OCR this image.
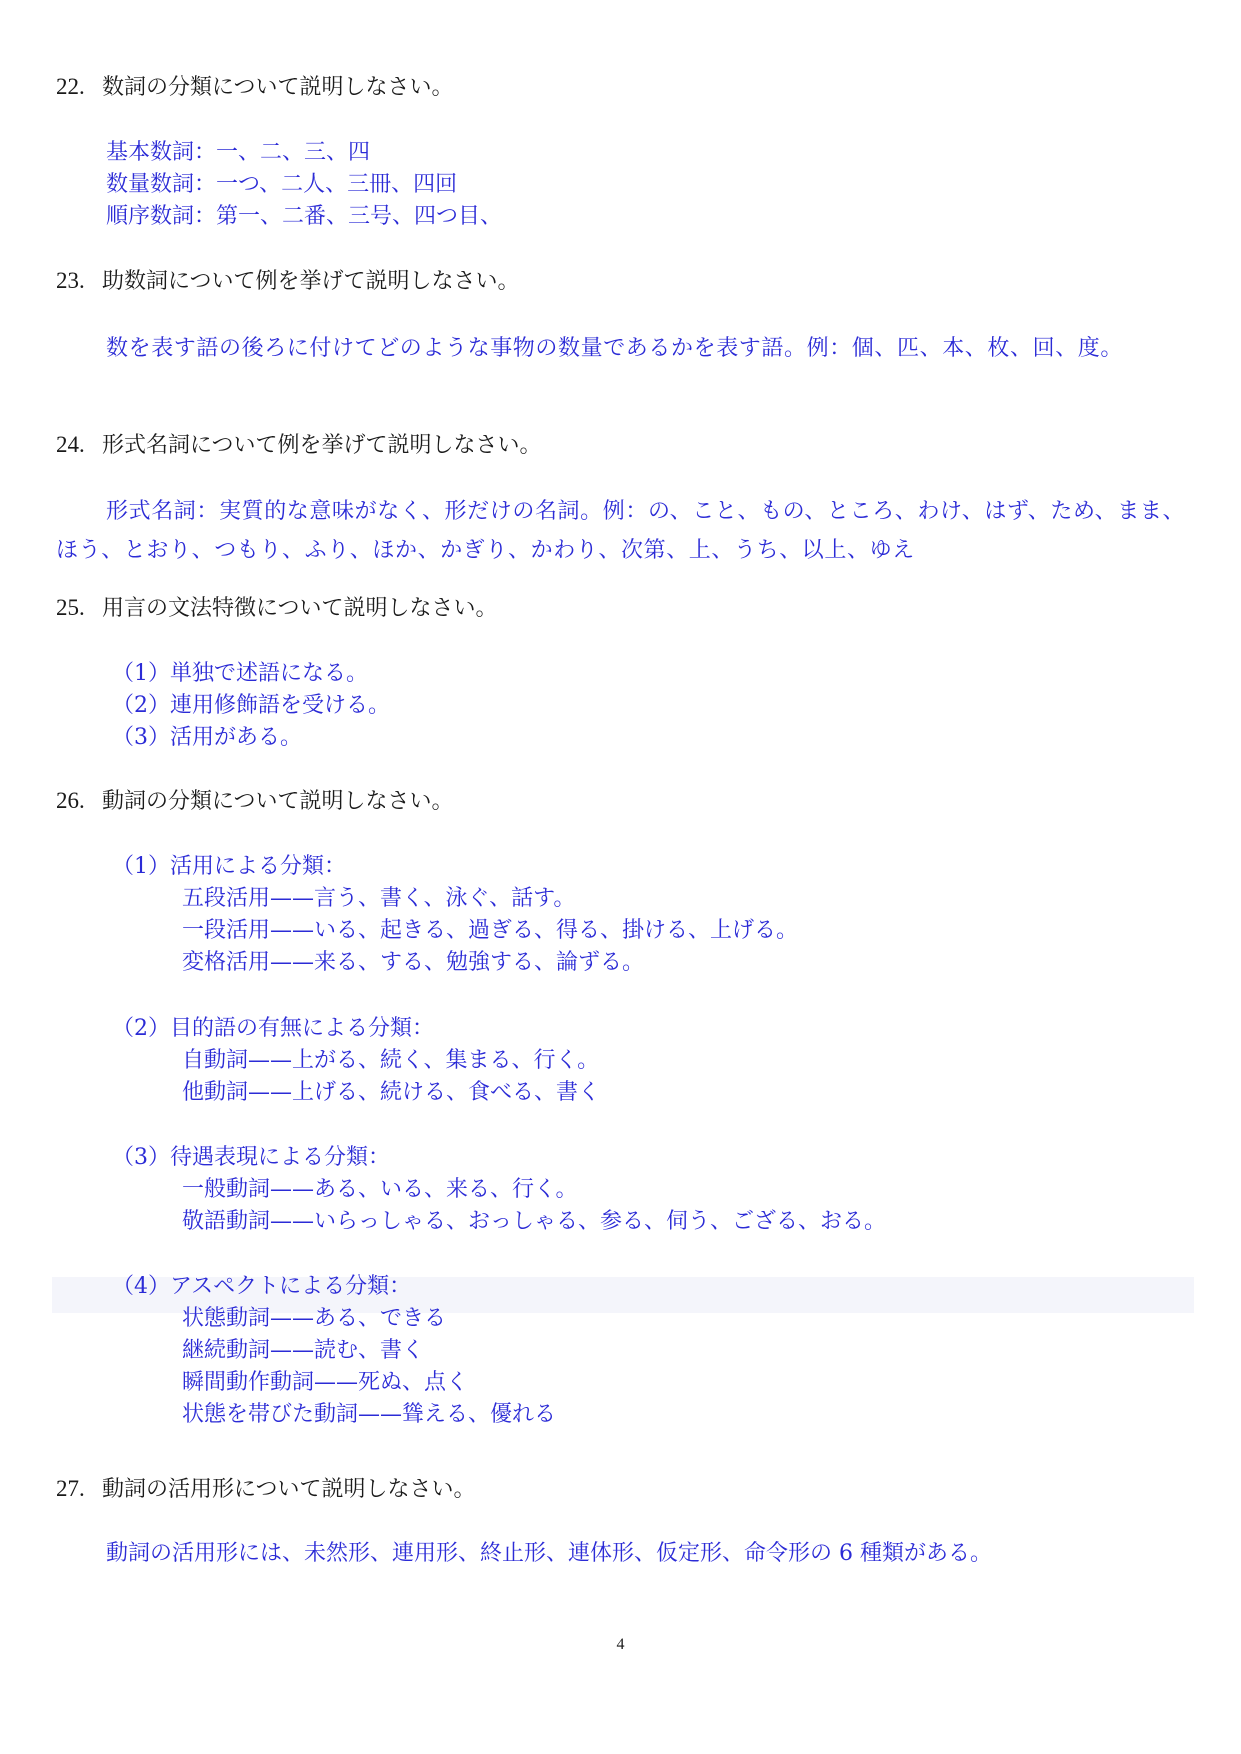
22. 数詞の分類について説明しなさい。
基本数詞：一、二、三、四
数量数詞：一つ、二人、三冊、四回
順序数詞：第一、二番、三号、四つ目、
23. 助数詞について例を挙げて説明しなさい。
数を表す語の後ろに付けてどのような事物の数量であるかを表す語。例：個、匹、本、枚、回、度。
24. 形式名詞について例を挙げて説明しなさい。
形式名詞：実質的な意味がなく、形だけの名詞。例：の、こと、もの、ところ、わけ、はず、ため、まま、ほう、とおり、つもり、ふり、ほか、かぎり、かわり、次第、上、うち、以上、ゆえ
25. 用言の文法特徴について説明しなさい。
（1）単独で述語になる。
（2）連用修飾語を受ける。
（3）活用がある。
26. 動詞の分類について説明しなさい。
（1）活用による分類：
五段活用——言う、書く、泳ぐ、話す。
一段活用——いる、起きる、過ぎる、得る、掛ける、上げる。
変格活用——来る、する、勉強する、論ずる。
（2）目的語の有無による分類：
自動詞——上がる、続く、集まる、行く。
他動詞——上げる、続ける、食べる、書く
（3）待遇表現による分類：
一般動詞——ある、いる、来る、行く。
敬語動詞——いらっしゃる、おっしゃる、参る、伺う、ござる、おる。
（4）アスペクトによる分類：
状態動詞——ある、できる
継続動詞——読む、書く
瞬間動作動詞——死ぬ、点く
状態を帯びた動詞——聳える、優れる
27. 動詞の活用形について説明しなさい。
動詞の活用形には、未然形、連用形、終止形、連体形、仮定形、命令形の 6 種類がある。
4
